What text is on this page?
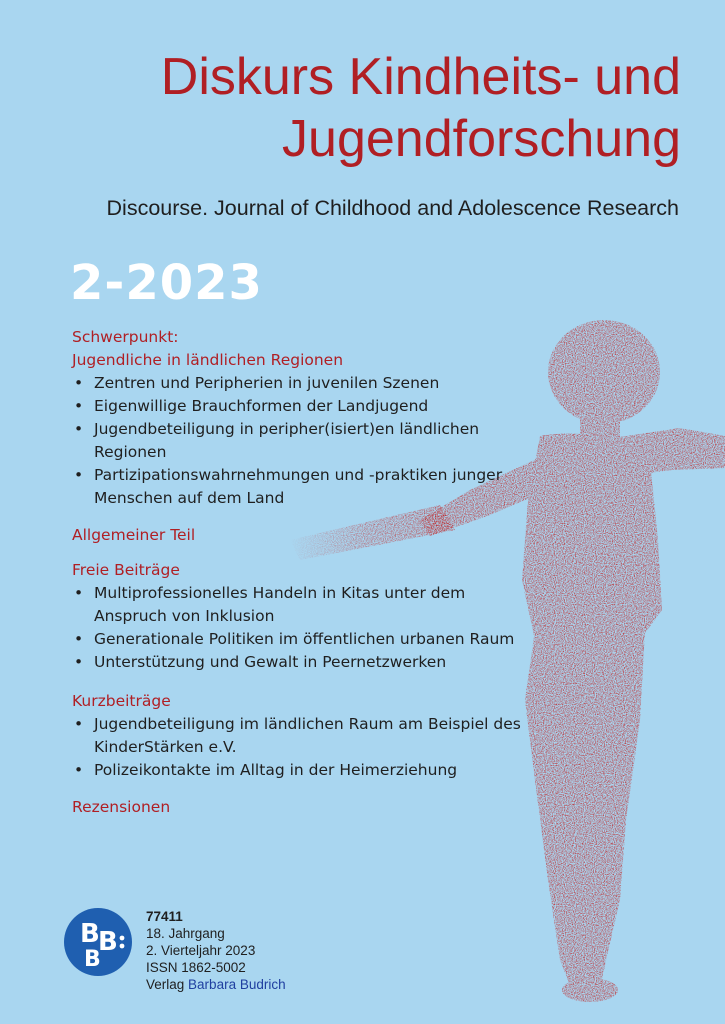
Diskurs Kindheits- und
Jugendforschung
Discourse. Journal of Childhood and Adolescence Research
2-2023
Schwerpunkt:
Jugendliche in ländlichen Regionen
• Zentren und Peripherien in juvenilen Szenen
• Eigenwillige Brauchformen der Landjugend
• Jugendbeteiligung in peripher(isiert)en ländlichen Regionen
• Partizipationswahrnehmungen und -praktiken junger Menschen auf dem Land
Allgemeiner Teil
Freie Beiträge
• Multiprofessionelles Handeln in Kitas unter dem Anspruch von Inklusion
• Generationale Politiken im öffentlichen urbanen Raum
• Unterstützung und Gewalt in Peernetzwerken
Kurzbeiträge
• Jugendbeteiligung im ländlichen Raum am Beispiel des KinderStärken e.V.
• Polizeikontakte im Alltag in der Heimerziehung
Rezensionen
B
B
B
77411
18. Jahrgang
2. Vierteljahr 2023
ISSN 1862-5002
Verlag Barbara Budrich
